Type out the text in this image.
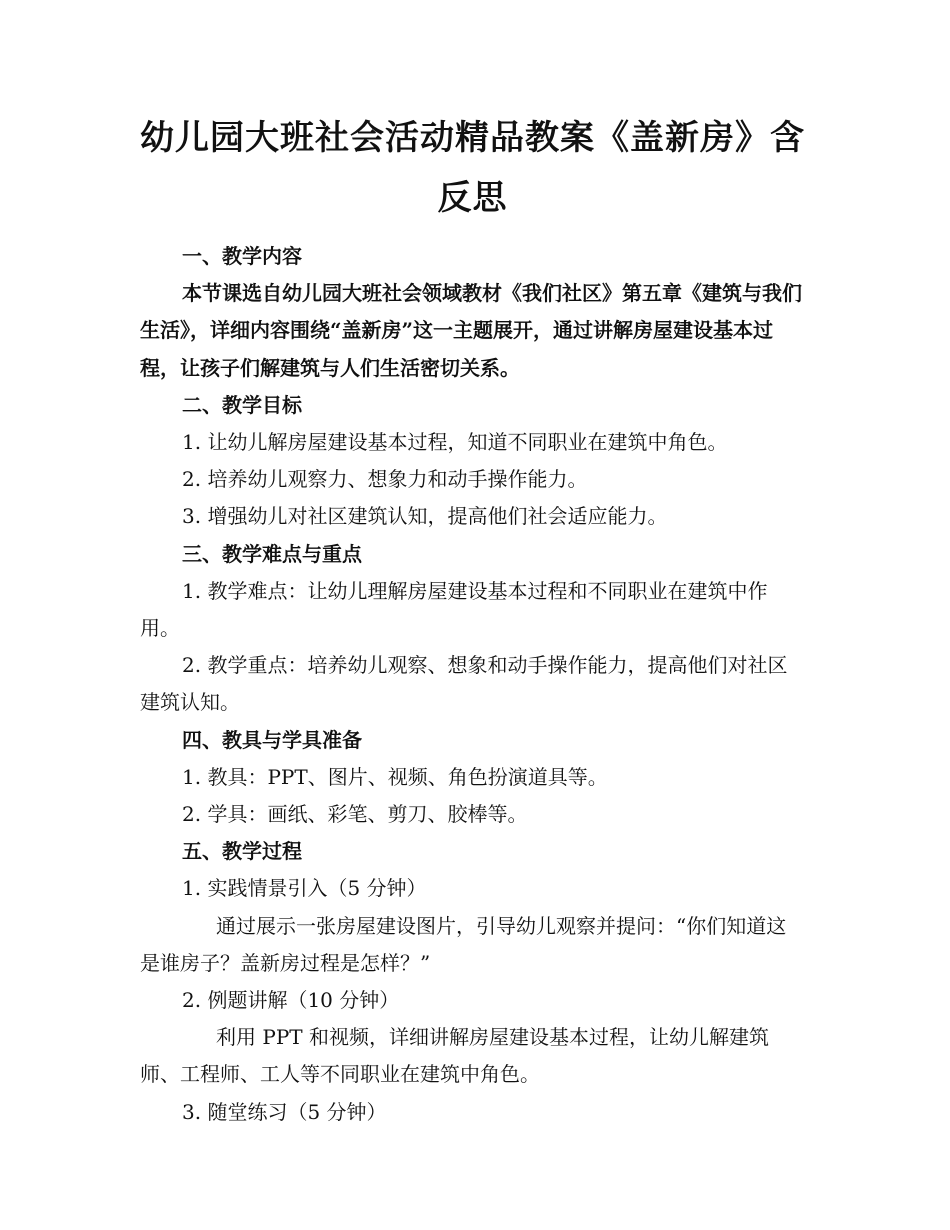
幼儿园大班社会活动精品教案《盖新房》含
反思

一、教学内容

本节课选自幼儿园大班社会领域教材《我们社区》第五章《建筑与我们生活》，详细内容围绕“盖新房”这一主题展开，通过讲解房屋建设基本过程，让孩子们解建筑与人们生活密切关系。

二、教学目标

1. 让幼儿解房屋建设基本过程，知道不同职业在建筑中角色。

2. 培养幼儿观察力、想象力和动手操作能力。

3. 增强幼儿对社区建筑认知，提高他们社会适应能力。

三、教学难点与重点

1. 教学难点：让幼儿理解房屋建设基本过程和不同职业在建筑中作用。

2. 教学重点：培养幼儿观察、想象和动手操作能力，提高他们对社区建筑认知。

四、教具与学具准备

1. 教具：PPT、图片、视频、角色扮演道具等。

2. 学具：画纸、彩笔、剪刀、胶棒等。

五、教学过程

1. 实践情景引入（5 分钟）

通过展示一张房屋建设图片，引导幼儿观察并提问：“你们知道这是谁房子？盖新房过程是怎样？”

2. 例题讲解（10 分钟）

利用 PPT 和视频，详细讲解房屋建设基本过程，让幼儿解建筑师、工程师、工人等不同职业在建筑中角色。

3. 随堂练习（5 分钟）
